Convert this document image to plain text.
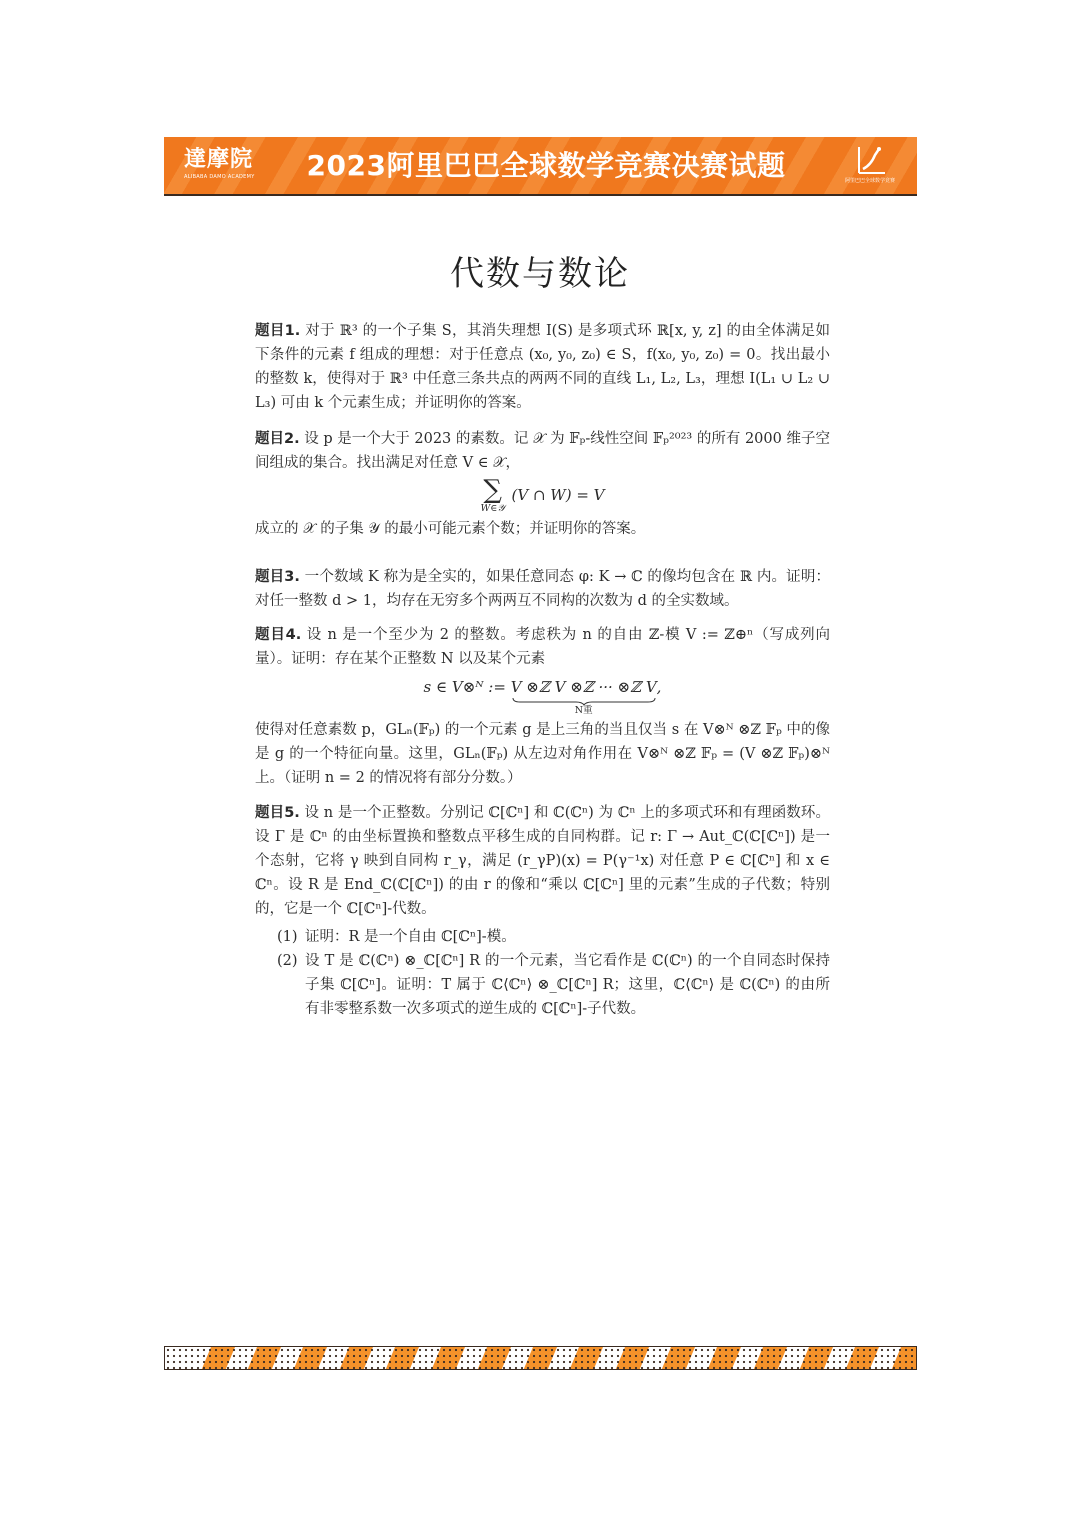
達摩院
ALIBABA DAMO ACADEMY	2023阿里巴巴全球数学竞赛决赛试题	阿里巴巴全球数学竞赛
代数与数论

题目1. 对于 ℝ³ 的一个子集 S，其消失理想 I(S) 是多项式环 ℝ[x, y, z] 的由全体满足如下条件的元素 f 组成的理想：对于任意点 (x₀, y₀, z₀) ∈ S，f(x₀, y₀, z₀) = 0。找出最小的整数 k，使得对于 ℝ³ 中任意三条共点的两两不同的直线 L₁, L₂, L₃，理想 I(L₁ ∪ L₂ ∪ L₃) 可由 k 个元素生成；并证明你的答案。

题目2. 设 p 是一个大于 2023 的素数。记 𝒳 为 𝔽ₚ-线性空间 𝔽ₚ²⁰²³ 的所有 2000 维子空间组成的集合。找出满足对任意 V ∈ 𝒳，

∑
W∈𝒴
(V ∩ W) = V

成立的 𝒳 的子集 𝒴 的最小可能元素个数；并证明你的答案。

题目3. 一个数域 K 称为是全实的，如果任意同态 φ: K → ℂ 的像均包含在 ℝ 内。证明：对任一整数 d > 1，均存在无穷多个两两互不同构的次数为 d 的全实数域。

题目4. 设 n 是一个至少为 2 的整数。考虑秩为 n 的自由 ℤ-模 V := ℤ⊕ⁿ（写成列向量）。证明：存在某个正整数 N 以及某个元素

s ∈ V⊗ᴺ := V ⊗ℤ V ⊗ℤ ··· ⊗ℤ V
N重
,

使得对任意素数 p，GLₙ(𝔽ₚ) 的一个元素 g 是上三角的当且仅当 s 在 V⊗ᴺ ⊗ℤ 𝔽ₚ 中的像是 g 的一个特征向量。这里，GLₙ(𝔽ₚ) 从左边对角作用在 V⊗ᴺ ⊗ℤ 𝔽ₚ = (V ⊗ℤ 𝔽ₚ)⊗ᴺ 上。（证明 n = 2 的情况将有部分分数。）

题目5. 设 n 是一个正整数。分别记 ℂ[ℂⁿ] 和 ℂ(ℂⁿ) 为 ℂⁿ 上的多项式环和有理函数环。设 Γ 是 ℂⁿ 的由坐标置换和整数点平移生成的自同构群。记 r: Γ → Aut_ℂ(ℂ[ℂⁿ]) 是一个态射，它将 γ 映到自同构 r_γ，满足 (r_γP)(x) = P(γ⁻¹x) 对任意 P ∈ ℂ[ℂⁿ] 和 x ∈ ℂⁿ。设 R 是 End_ℂ(ℂ[ℂⁿ]) 的由 r 的像和“乘以 ℂ[ℂⁿ] 里的元素”生成的子代数；特别的，它是一个 ℂ[ℂⁿ]-代数。

(1) 证明：R 是一个自由 ℂ[ℂⁿ]-模。
(2) 设 T 是 ℂ(ℂⁿ) ⊗_ℂ[ℂⁿ] R 的一个元素，当它看作是 ℂ(ℂⁿ) 的一个自同态时保持子集 ℂ[ℂⁿ]。证明：T 属于 ℂ⟨ℂⁿ⟩ ⊗_ℂ[ℂⁿ] R；这里，ℂ⟨ℂⁿ⟩ 是 ℂ(ℂⁿ) 的由所有非零整系数一次多项式的逆生成的 ℂ[ℂⁿ]-子代数。
